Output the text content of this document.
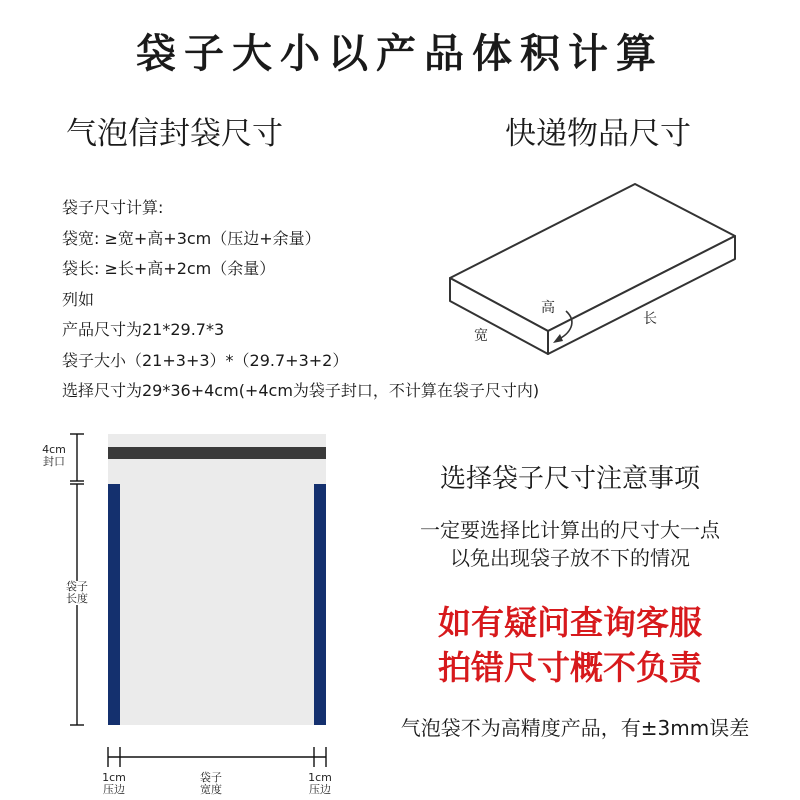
袋子大小以产品体积计算
气泡信封袋尺寸	快递物品尺寸
袋子尺寸计算:
袋宽: ≥宽+高+3cm（压边+余量）
袋长: ≥长+高+2cm（余量）
列如
产品尺寸为21*29.7*3
袋子大小（21+3+3）*（29.7+3+2）
选择尺寸为29*36+4cm(+4cm为袋子封口，不计算在袋子尺寸内)
高
宽
长
4cm
封口
袋子
长度
1cm
压边
袋子
宽度
1cm
压边
选择袋子尺寸注意事项
一定要选择比计算出的尺寸大一点
以免出现袋子放不下的情况
如有疑问查询客服
拍错尺寸概不负责
气泡袋不为高精度产品，有±3mm误差
